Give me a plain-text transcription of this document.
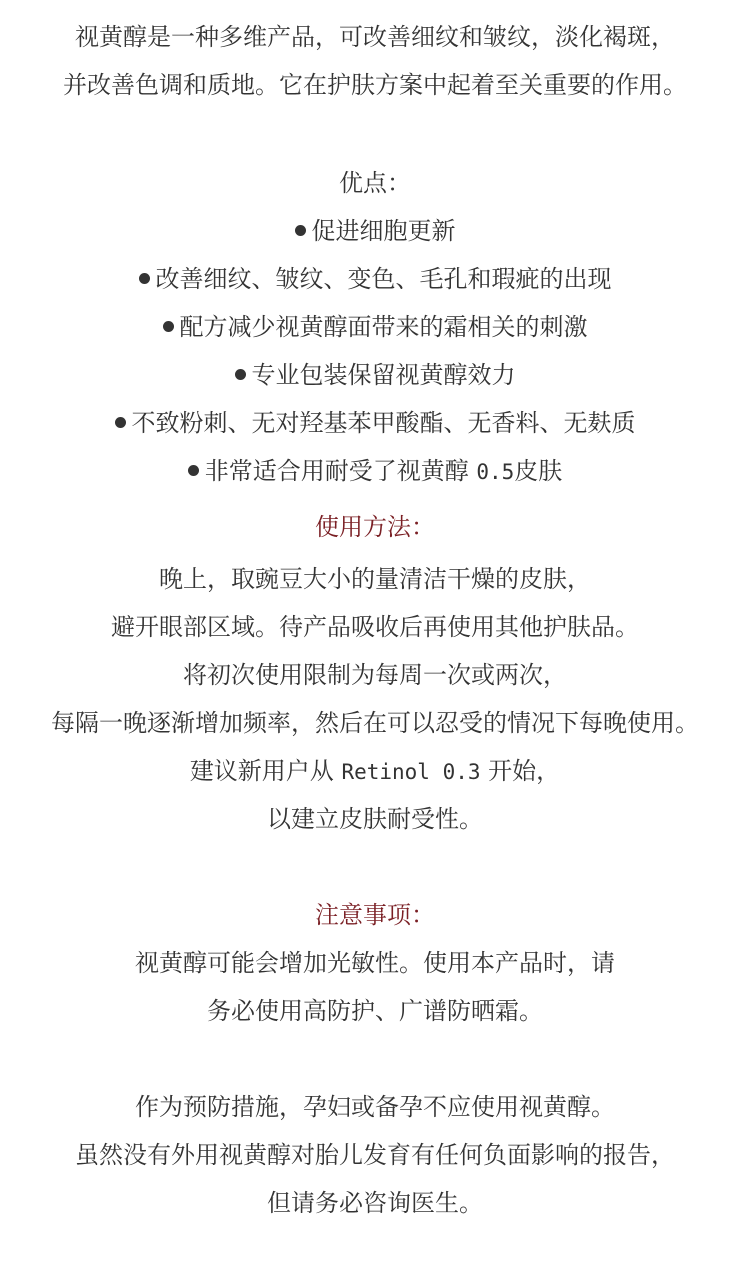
视黄醇是一种多维产品，可改善细纹和皱纹，淡化褐斑，
并改善色调和质地。它在护肤方案中起着至关重要的作用。
优点：
促进细胞更新
改善细纹、皱纹、变色、毛孔和瑕疵的出现
配方减少视黄醇面带来的霜相关的刺激
专业包装保留视黄醇效力
不致粉刺、无对羟基苯甲酸酯、无香料、无麸质
非常适合用耐受了视黄醇 0.5皮肤
使用方法：
晚上，取豌豆大小的量清洁干燥的皮肤，
避开眼部区域。待产品吸收后再使用其他护肤品。
将初次使用限制为每周一次或两次，
每隔一晚逐渐增加频率，然后在可以忍受的情况下每晚使用。
建议新用户从 Retinol 0.3 开始，
以建立皮肤耐受性。
注意事项：
视黄醇可能会增加光敏性。使用本产品时，请
务必使用高防护、广谱防晒霜。
作为预防措施，孕妇或备孕不应使用视黄醇。
虽然没有外用视黄醇对胎儿发育有任何负面影响的报告，
但请务必咨询医生。
